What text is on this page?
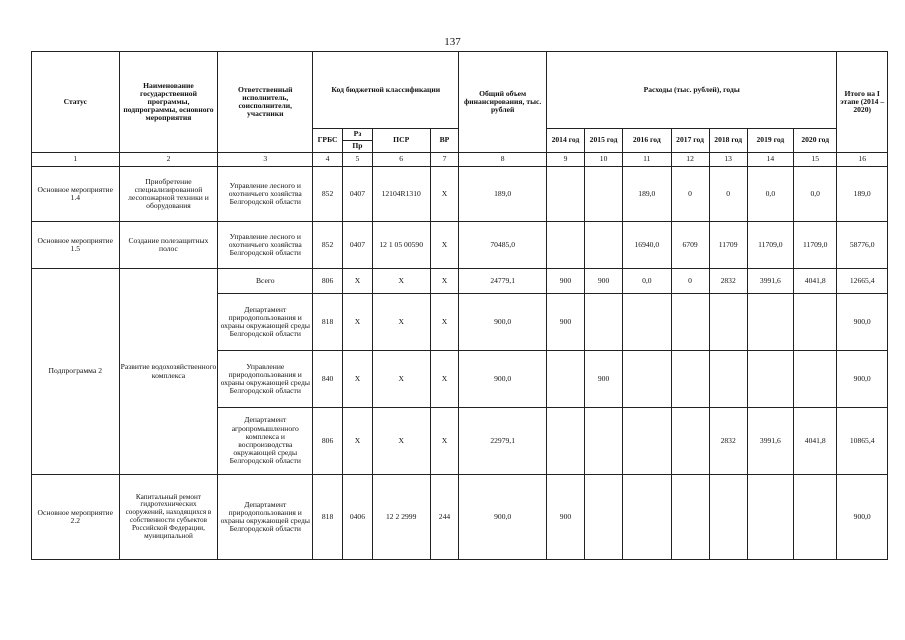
137
Статус	Наименование государственной программы, подпрограммы, основного мероприятия	Ответственный исполнитель, соисполнители, участники	Код бюджетной классификации				Общий объем финансирования, тыс. рублей	Расходы (тыс. рублей), годы							Итого на I этапе (2014 – 2020)
			ГРБС	Рз	ПСР	ВР		2014 год	2015 год	2016 год	2017 год	2018 год	2019 год	2020 год	
				Пр											
1	2	3	4	5	6	7	8	9	10	11	12	13	14	15	16
Основное мероприятие 1.4	Приобретение специализированной лесопожарной техники и оборудования	Управление лесного и охотничьего хозяйства Белгородской области	852	0407	12104R1310	Х	189,0			189,0	0	0	0,0	0,0	189,0
Основное мероприятие 1.5	Создание полезащитных полос	Управление лесного и охотничьего хозяйства Белгородской области	852	0407	12 1 05 00590	Х	70485,0			16940,0	6709	11709	11709,0	11709,0	58776,0
Подпрограмма 2	Развитие водохозяйственного комплекса	Всего	806	Х	Х	Х	24779,1	900	900	0,0	0	2832	3991,6	4041,8	12665,4
		Департамент природопользования и охраны окружающей среды Белгородской области	818	Х	Х	Х	900,0	900							900,0
		Управление природопользования и охраны окружающей среды Белгородской области	840	Х	Х	Х	900,0		900						900,0
		Департамент агропромышленного комплекса и воспроизводства окружающей среды Белгородской области	806	Х	Х	Х	22979,1					2832	3991,6	4041,8	10865,4
Основное мероприятие 2.2	Капитальный ремонт гидротехнических сооружений, находящихся в собственности субъектов Российской Федерации, муниципальной	Департамент природопользования и охраны окружающей среды Белгородской области	818	0406	12 2 2999	244	900,0	900							900,0
